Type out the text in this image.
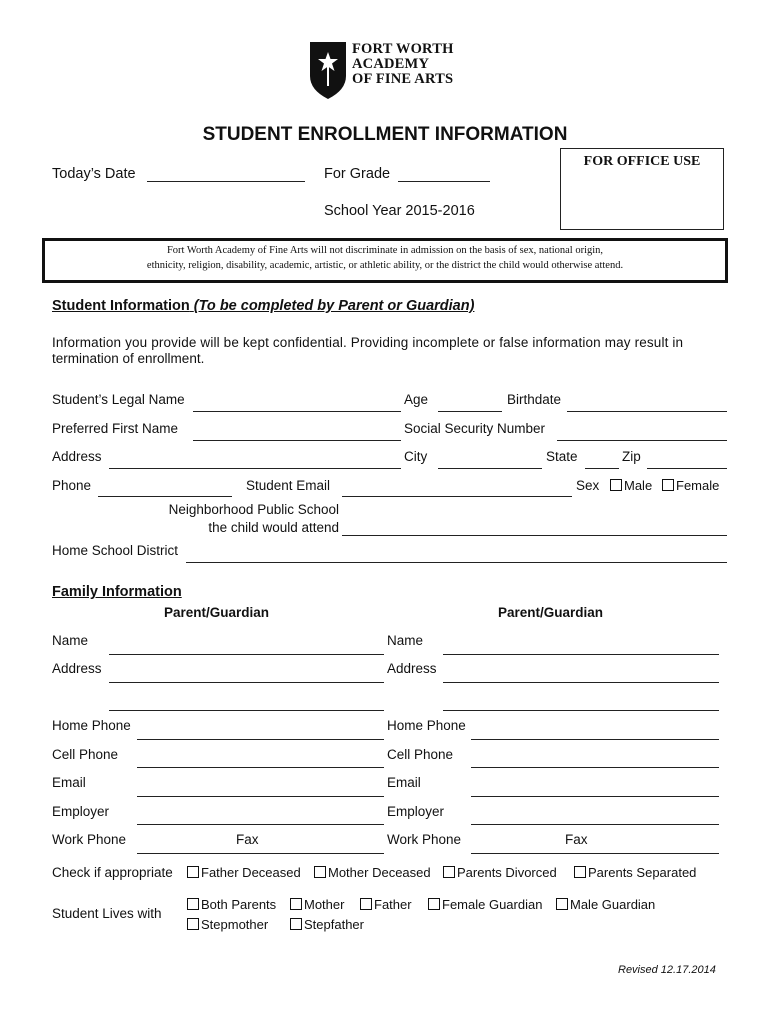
FORT WORTH
ACADEMY
OF FINE ARTS
STUDENT ENROLLMENT INFORMATION
Today’s Date	For Grade
School Year 2015-2016
FOR OFFICE USE
Fort Worth Academy of Fine Arts will not discriminate in admission on the basis of sex, national origin,
ethnicity, religion, disability, academic, artistic, or athletic ability, or the district the child would otherwise attend.
Student Information (To be completed by Parent or Guardian)
Information you provide will be kept confidential. Providing incomplete or false information may result in
termination of enrollment.
Student’s Legal Name	Age	Birthdate
Preferred First Name	Social Security Number
Address	City	State	Zip
Phone	Student Email	Sex	Male	Female
Neighborhood Public School
the child would attend
Home School District
Family Information
Parent/Guardian	Parent/Guardian
Name	Name
Address	Address
Home Phone	Home Phone
Cell Phone	Cell Phone
Email	Email
Employer	Employer
Work Phone	Fax	Work Phone	Fax
Check if appropriate	Father Deceased	Mother Deceased	Parents Divorced	Parents Separated
Student Lives with
Both Parents	Mother	Father	Female Guardian	Male Guardian
Stepmother	Stepfather
Revised 12.17.2014
